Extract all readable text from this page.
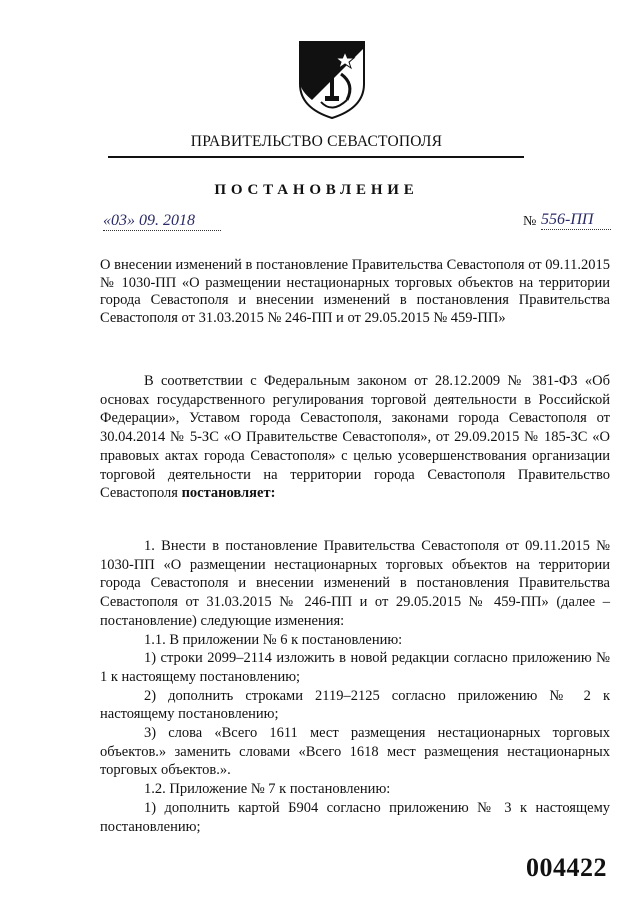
ПРАВИТЕЛЬСТВО СЕВАСТОПОЛЯ
ПОСТАНОВЛЕНИЕ
«03» 09. 2018	№ 556-ПП
О внесении изменений в постановление Правительства Севастополя от 09.11.2015 № 1030-ПП «О размещении нестационарных торговых объектов на территории города Севастополя и внесении изменений в постановления Правительства Севастополя от 31.03.2015 № 246-ПП и от 29.05.2015 № 459-ПП»
В соответствии с Федеральным законом от 28.12.2009 № 381-ФЗ «Об основах государственного регулирования торговой деятельности в Российской Федерации», Уставом города Севастополя, законами города Севастополя от 30.04.2014 № 5-ЗС «О Правительстве Севастополя», от 29.09.2015 № 185-ЗС «О правовых актах города Севастополя» с целью усовершенствования организации торговой деятельности на территории города Севастополя Правительство Севастополя постановляет:

1. Внести в постановление Правительства Севастополя от 09.11.2015 № 1030-ПП «О размещении нестационарных торговых объектов на территории города Севастополя и внесении изменений в постановления Правительства Севастополя от 31.03.2015 № 246-ПП и от 29.05.2015 № 459-ПП» (далее – постановление) следующие изменения:

1.1. В приложении № 6 к постановлению:

1) строки 2099–2114 изложить в новой редакции согласно приложению № 1 к настоящему постановлению;

2) дополнить строками 2119–2125 согласно приложению № 2 к настоящему постановлению;

3) слова «Всего 1611 мест размещения нестационарных торговых объектов.» заменить словами «Всего 1618 мест размещения нестационарных торговых объектов.».

1.2. Приложение № 7 к постановлению:

1) дополнить картой Б904 согласно приложению № 3 к настоящему постановлению;

004422
